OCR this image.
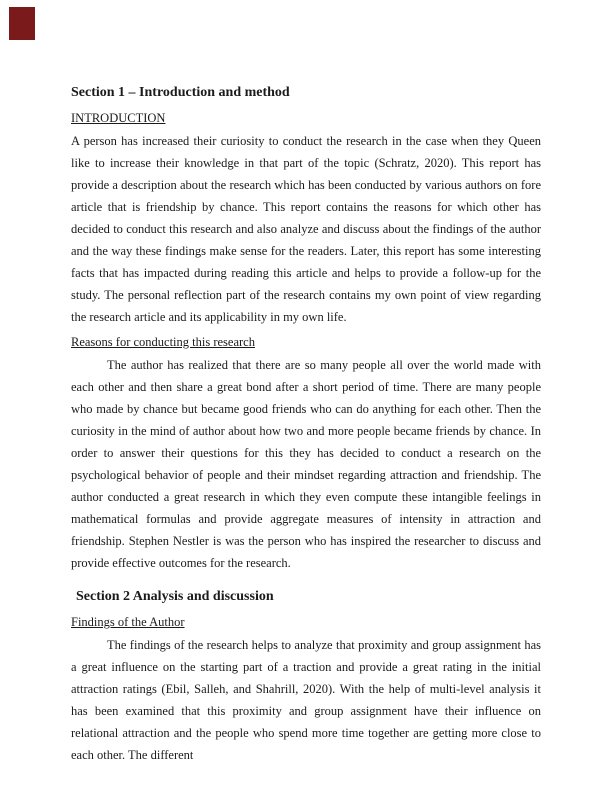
Section 1 – Introduction and method
INTRODUCTION

A person has increased their curiosity to conduct the research in the case when they Queen like to increase their knowledge in that part of the topic (Schratz, 2020). This report has provide a description about the research which has been conducted by various authors on fore article that is friendship by chance. This report contains the reasons for which other has decided to conduct this research and also analyze and discuss about the findings of the author and the way these findings make sense for the readers. Later, this report has some interesting facts that has impacted during reading this article and helps to provide a follow-up for the study. The personal reflection part of the research contains my own point of view regarding the research article and its applicability in my own life.

Reasons for conducting this research

The author has realized that there are so many people all over the world made with each other and then share a great bond after a short period of time. There are many people who made by chance but became good friends who can do anything for each other. Then the curiosity in the mind of author about how two and more people became friends by chance. In order to answer their questions for this they has decided to conduct a research on the psychological behavior of people and their mindset regarding attraction and friendship. The author conducted a great research in which they even compute these intangible feelings in mathematical formulas and provide aggregate measures of intensity in attraction and friendship. Stephen Nestler is was the person who has inspired the researcher to discuss and provide effective outcomes for the research.

Section 2 Analysis and discussion
Findings of the Author

The findings of the research helps to analyze that proximity and group assignment has a great influence on the starting part of a traction and provide a great rating in the initial attraction ratings (Ebil, Salleh, and Shahrill, 2020). With the help of multi-level analysis it has been examined that this proximity and group assignment have their influence on relational attraction and the people who spend more time together are getting more close to each other. The different
